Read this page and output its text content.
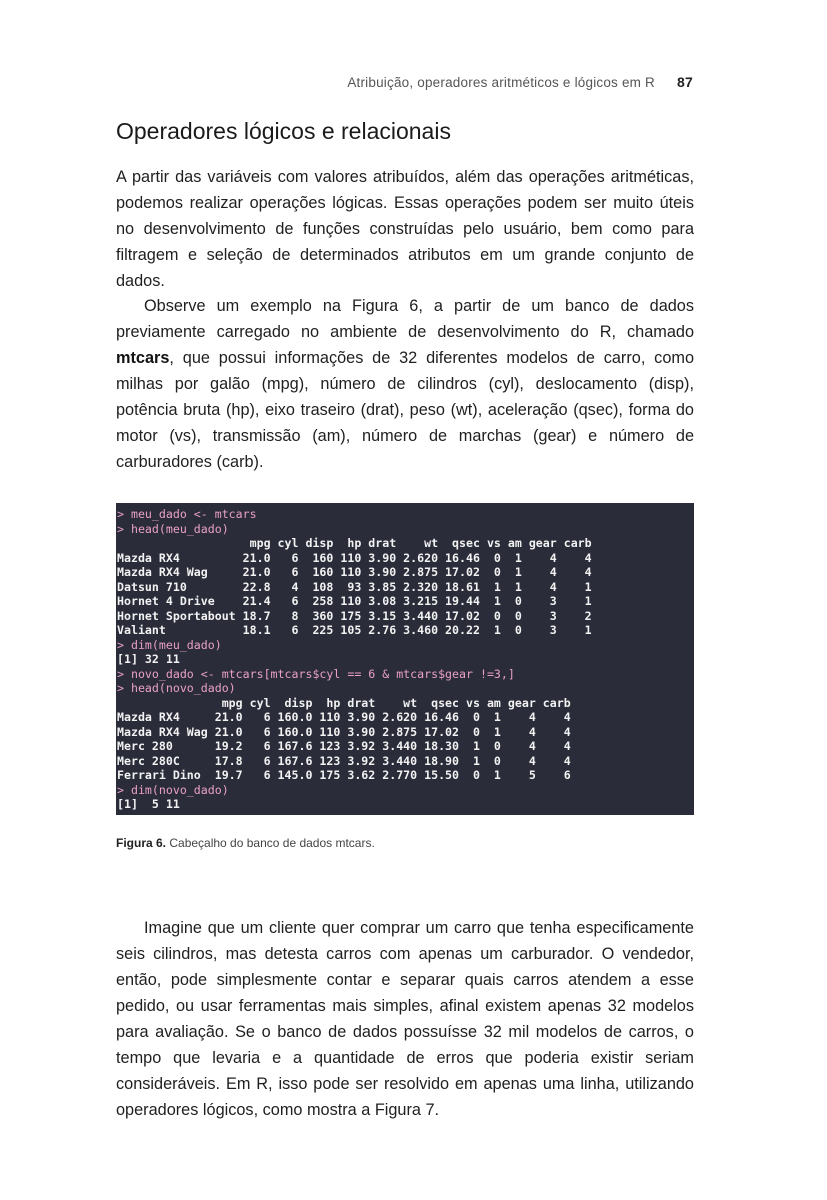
Atribuição, operadores aritméticos e lógicos em R 87
Operadores lógicos e relacionais

A partir das variáveis com valores atribuídos, além das operações aritméticas, podemos realizar operações lógicas. Essas operações podem ser muito úteis no desenvolvimento de funções construídas pelo usuário, bem como para filtragem e seleção de determinados atributos em um grande conjunto de dados.

Observe um exemplo na Figura 6, a partir de um banco de dados previamente carregado no ambiente de desenvolvimento do R, chamado mtcars, que possui informações de 32 diferentes modelos de carro, como milhas por galão (mpg), número de cilindros (cyl), deslocamento (disp), potência bruta (hp), eixo traseiro (drat), peso (wt), aceleração (qsec), forma do motor (vs), transmissão (am), número de marchas (gear) e número de carburadores (carb).

> meu_dado <- mtcars
> head(meu_dado)
mpg cyl disp  hp drat    wt  qsec vs am gear carb
Mazda RX4         21.0   6  160 110 3.90 2.620 16.46  0  1    4    4
Mazda RX4 Wag     21.0   6  160 110 3.90 2.875 17.02  0  1    4    4
Datsun 710        22.8   4  108  93 3.85 2.320 18.61  1  1    4    1
Hornet 4 Drive    21.4   6  258 110 3.08 3.215 19.44  1  0    3    1
Hornet Sportabout 18.7   8  360 175 3.15 3.440 17.02  0  0    3    2
Valiant           18.1   6  225 105 2.76 3.460 20.22  1  0    3    1
> dim(meu_dado)
[1] 32 11
> novo_dado <- mtcars[mtcars$cyl == 6 & mtcars$gear !=3,]
> head(novo_dado)
mpg cyl  disp  hp drat    wt  qsec vs am gear carb
Mazda RX4     21.0   6 160.0 110 3.90 2.620 16.46  0  1    4    4
Mazda RX4 Wag 21.0   6 160.0 110 3.90 2.875 17.02  0  1    4    4
Merc 280      19.2   6 167.6 123 3.92 3.440 18.30  1  0    4    4
Merc 280C     17.8   6 167.6 123 3.92 3.440 18.90  1  0    4    4
Ferrari Dino  19.7   6 145.0 175 3.62 2.770 15.50  0  1    5    6
> dim(novo_dado)
[1]  5 11

Figura 6. Cabeçalho do banco de dados mtcars.

Imagine que um cliente quer comprar um carro que tenha especificamente seis cilindros, mas detesta carros com apenas um carburador. O vendedor, então, pode simplesmente contar e separar quais carros atendem a esse pedido, ou usar ferramentas mais simples, afinal existem apenas 32 modelos para avaliação. Se o banco de dados possuísse 32 mil modelos de carros, o tempo que levaria e a quantidade de erros que poderia existir seriam consideráveis. Em R, isso pode ser resolvido em apenas uma linha, utilizando operadores lógicos, como mostra a Figura 7.
